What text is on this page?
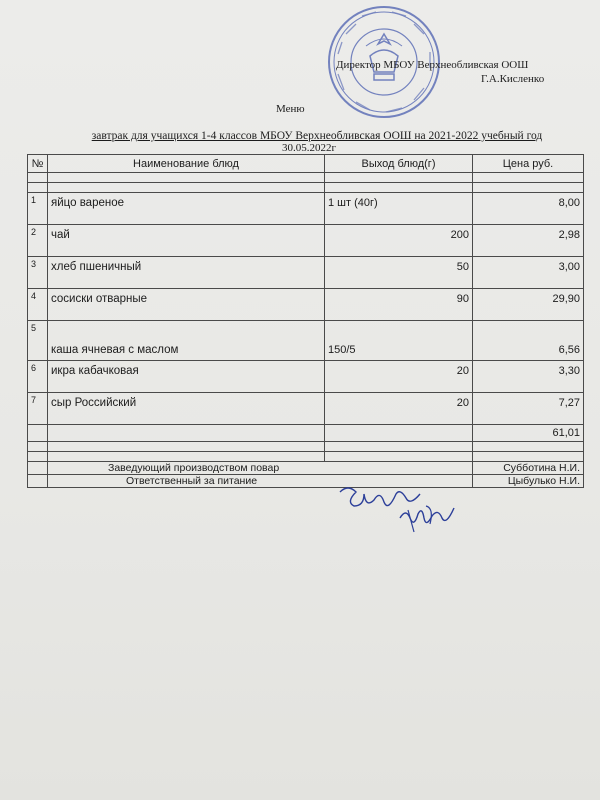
Директор МБОУ Верхнеобливская ООШ
Г.А.Кисленко
Меню
завтрак для учащихся 1-4 классов МБОУ Верхнеобливская ООШ на 2021-2022 учебный год
30.05.2022г
№	Наименование блюд	Выход блюд(г)	Цена руб.

1	яйцо вареное	1 шт (40г)	8,00
2	чай	200	2,98
3	хлеб пшеничный	50	3,00
4	сосиски отварные	90	29,90
5	каша ячневая с маслом	150/5	6,56
6	икра кабачковая	20	3,30
7	сыр Российский	20	7,27
			61,01

	Заведующий производством повар		Субботина Н.И.
	Ответственный за питание		Цыбулько Н.И.
